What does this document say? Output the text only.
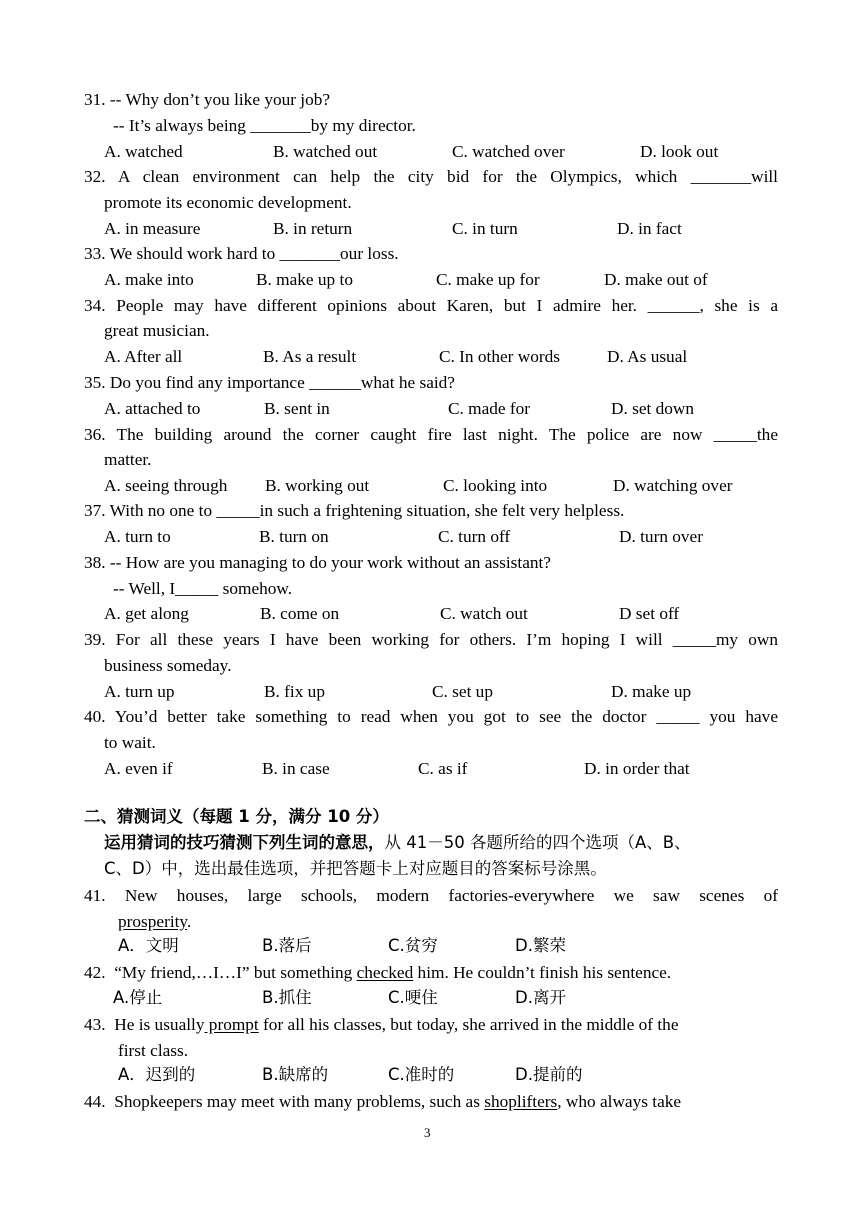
31. -- Why don’t you like your job?
-- It’s always being _______by my director.
A. watched	B. watched out	C. watched over	D. look out
32. A clean environment can help the city bid for the Olympics, which _______will
promote its economic development.
A. in measure	B. in return	C. in turn	D. in fact
33. We should work hard to _______our loss.
A. make into	B. make up to	C. make up for	D. make out of
34. People may have different opinions about Karen, but I admire her. ______, she is a
great musician.
A. After all	B. As a result	C. In other words	D. As usual
35. Do you find any importance ______what he said?
A. attached to	B. sent in	C. made for	D. set down
36. The building around the corner caught fire last night. The police are now _____the
matter.
A. seeing through B. working out	C. looking into	D. watching over
37. With no one to _____in such a frightening situation, she felt very helpless.
A. turn to	B. turn on	C. turn off	D. turn over
38. -- How are you managing to do your work without an assistant?
-- Well, I_____ somehow.
A. get along	B. come on	C. watch out	D set off
39. For all these years I have been working for others. I’m hoping I will _____my own
business someday.
A. turn up	B. fix up	C. set up	D. make up
40. You’d better take something to read when you got to see the doctor _____ you have
to wait.
A. even if	B. in case	C. as if	D. in order that
二、猜测词义（每题 1 分，满分 10 分）
运用猜词的技巧猜测下列生词的意思，从 41－50 各题所给的四个选项（A、B、
C、D）中，选出最佳选项，并把答题卡上对应题目的答案标号涂黑。
41. New houses, large schools, modern factories-everywhere we saw scenes of
prosperity.
A．文明	B.落后	C.贫穷	D.繁荣
42.  “My friend,…I…I” but something checked him. He couldn’t finish his sentence.
A.停止	B.抓住	C.哽住	D.离开
43.  He is usually prompt for all his classes, but today, she arrived in the middle of the
first class.
A．迟到的	B.缺席的	C.准时的	D.提前的
44.  Shopkeepers may meet with many problems, such as shoplifters, who always take
3
